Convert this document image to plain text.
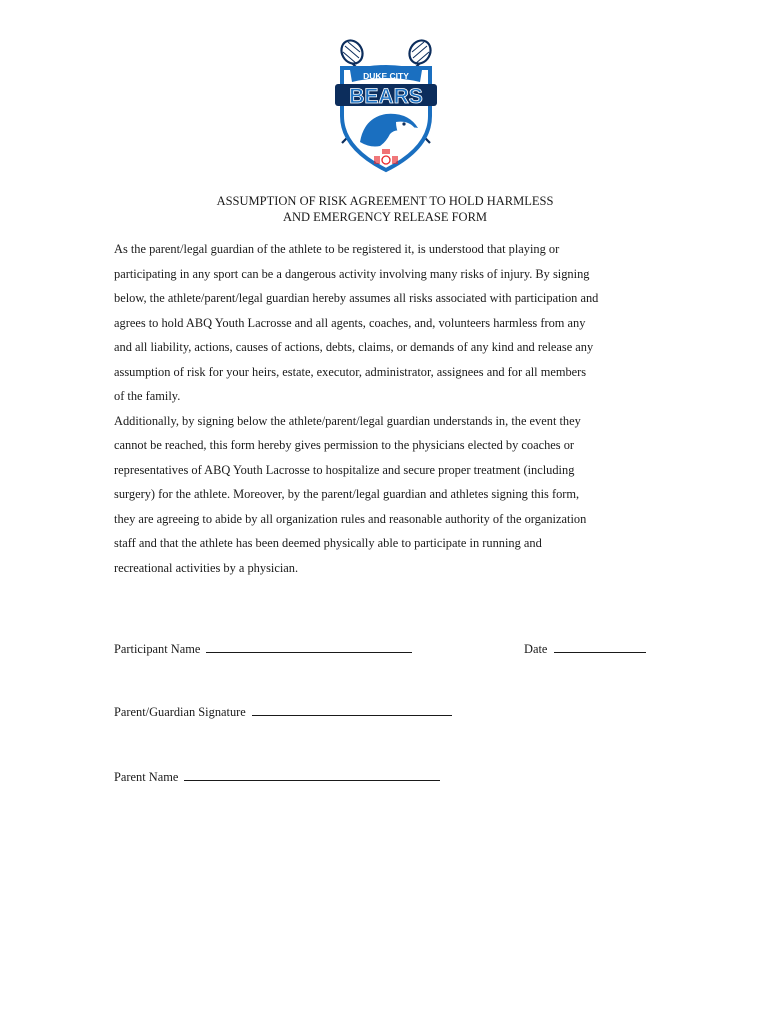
DUKE CITY
BEARS
ASSUMPTION OF RISK AGREEMENT TO HOLD HARMLESS
AND EMERGENCY RELEASE FORM

As the parent/legal guardian of the athlete to be registered it, is understood that playing or
participating in any sport can be a dangerous activity involving many risks of injury. By signing
below, the athlete/parent/legal guardian hereby assumes all risks associated with participation and
agrees to hold ABQ Youth Lacrosse and all agents, coaches, and, volunteers harmless from any
and all liability, actions, causes of actions, debts, claims, or demands of any kind and release any
assumption of risk for your heirs, estate, executor, administrator, assignees and for all members
of the family.

Additionally, by signing below the athlete/parent/legal guardian understands in, the event they
cannot be reached, this form hereby gives permission to the physicians elected by coaches or
representatives of ABQ Youth Lacrosse to hospitalize and secure proper treatment (including
surgery) for the athlete. Moreover, by the parent/legal guardian and athletes signing this form,
they are agreeing to abide by all organization rules and reasonable authority of the organization
staff and that the athlete has been deemed physically able to participate in running and
recreational activities by a physician.

Participant Name	Date
Parent/Guardian Signature
Parent Name
